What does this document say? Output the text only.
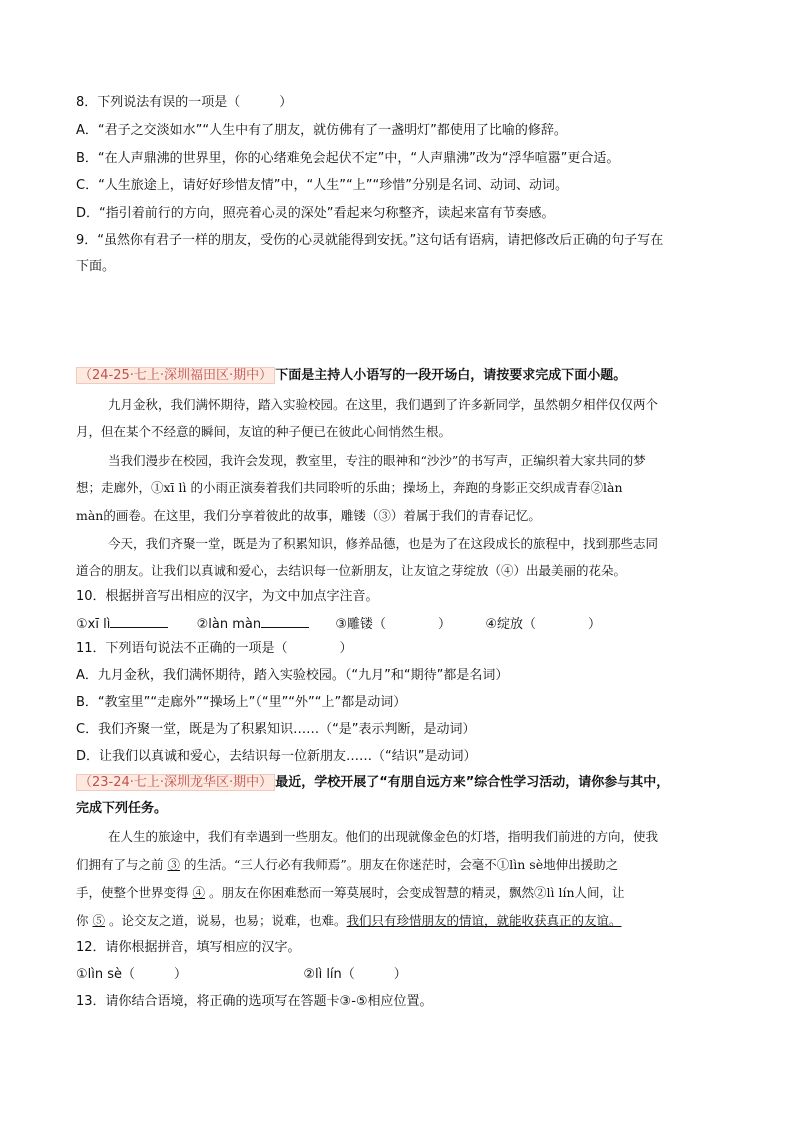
8．下列说法有误的一项是（　　　）
A．“君子之交淡如水”“人生中有了朋友，就仿佛有了一盏明灯”都使用了比喻的修辞。
B．“在人声鼎沸的世界里，你的心绪难免会起伏不定”中，“人声鼎沸”改为“浮华喧嚣”更合适。
C．“人生旅途上，请好好珍惜友情”中，“人生”“上”“珍惜”分别是名词、动词、动词。
D．“指引着前行的方向，照亮着心灵的深处”看起来匀称整齐，读起来富有节奏感。
9．“虽然你有君子一样的朋友，受伤的心灵就能得到安抚。”这句话有语病，请把修改后正确的句子写在
下面。
（24-25·七上·深圳福田区·期中） 下面是主持人小语写的一段开场白，请按要求完成下面小题。
九月金秋，我们满怀期待，踏入实验校园。在这里，我们遇到了许多新同学，虽然朝夕相伴仅仅两个
月，但在某个不经意的瞬间，友谊的种子便已在彼此心间悄然生根。
当我们漫步在校园，我许会发现，教室里，专注的眼神和“沙沙”的书写声，正编织着大家共同的梦
想；走廊外，①xī lì 的小雨正演奏着我们共同聆听的乐曲；操场上，奔跑的身影正交织成青春②làn
màn的画卷。在这里，我们分享着彼此的故事，雕镂（③）着属于我们的青春记忆。
今天，我们齐聚一堂，既是为了积累知识，修养品德，也是为了在这段成长的旅程中，找到那些志同
道合的朋友。让我们以真诚和爱心，去结识每一位新朋友，让友谊之芽绽放（④）出最美丽的花朵。
10．根据拼音写出相应的汉字，为文中加点字注音。
①xī lì	②làn màn	③雕镂（　　　　）	④绽放（　　　　）
11．下列语句说法不正确的一项是（　　　　）
A．九月金秋，我们满怀期待，踏入实验校园。（“九月”和“期待”都是名词）
B．“教室里”“走廊外”“操场上”（“里”“外”“上”都是动词）
C．我们齐聚一堂，既是为了积累知识……（“是”表示判断，是动词）
D．让我们以真诚和爱心，去结识每一位新朋友……（“结识”是动词）
（23-24·七上·深圳龙华区·期中） 最近，学校开展了“有朋自远方来”综合性学习活动，请你参与其中，
完成下列任务。
在人生的旅途中，我们有幸遇到一些朋友。他们的出现就像金色的灯塔，指明我们前进的方向，使我
们拥有了与之前 ③ 的生活。“三人行必有我师焉”。朋友在你迷茫时，会毫不①lìn sè地伸出援助之
手，使整个世界变得 ④ 。朋友在你困难愁而一筹莫展时，会变成智慧的精灵，飘然②lì lín人间，让
你 ⑤ 。论交友之道，说易，也易；说难，也难。我们只有珍惜朋友的情谊，就能收获真正的友谊。
12．请你根据拼音，填写相应的汉字。
①lìn sè（　　　）	②lì lín（　　　）
13．请你结合语境，将正确的选项写在答题卡③-⑤相应位置。
